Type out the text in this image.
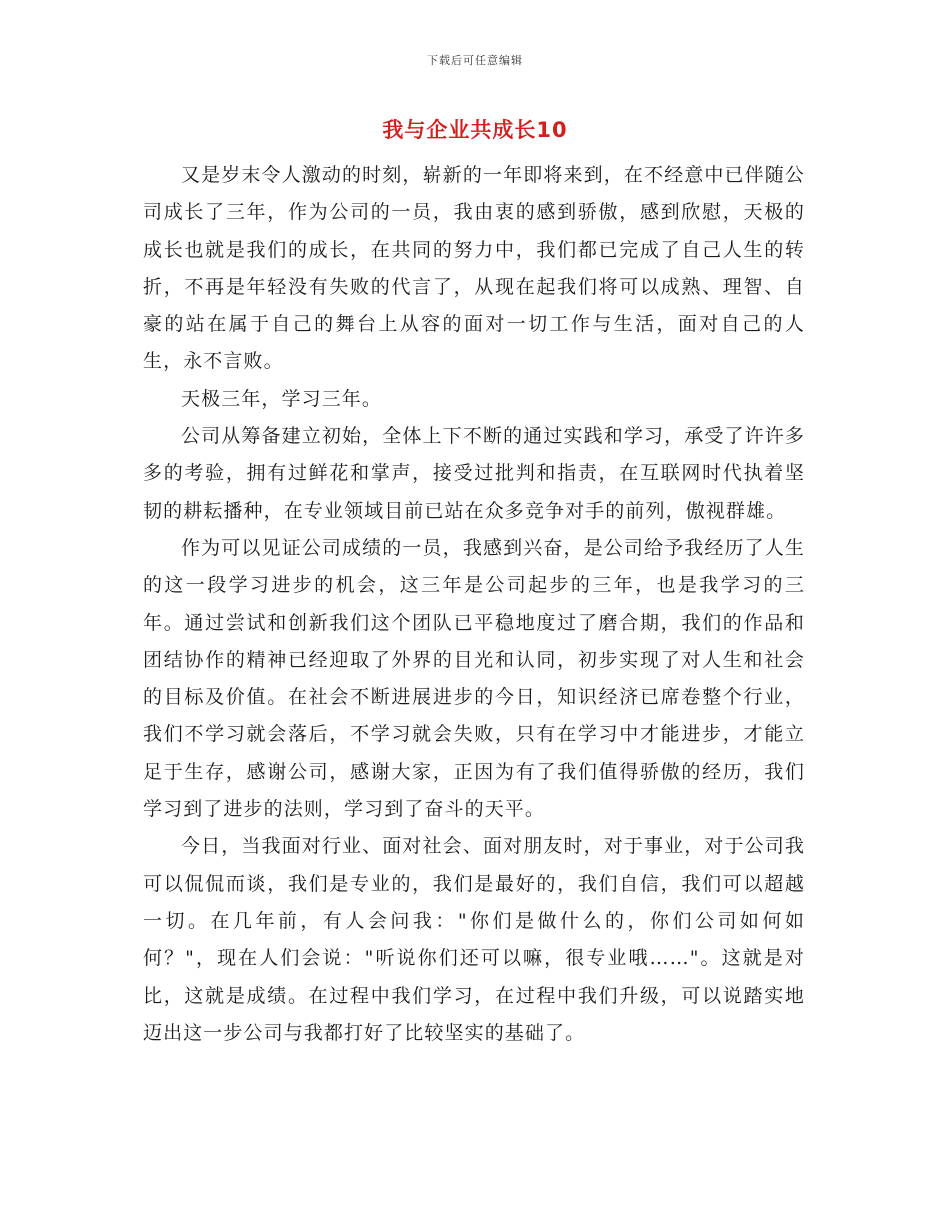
下载后可任意编辑
我与企业共成长10

又是岁末令人激动的时刻，崭新的一年即将来到，在不经意中已伴随公司成长了三年，作为公司的一员，我由衷的感到骄傲，感到欣慰，天极的成长也就是我们的成长，在共同的努力中，我们都已完成了自己人生的转折，不再是年轻没有失败的代言了，从现在起我们将可以成熟、理智、自豪的站在属于自己的舞台上从容的面对一切工作与生活，面对自己的人生，永不言败。

天极三年，学习三年。

公司从筹备建立初始，全体上下不断的通过实践和学习，承受了许许多多的考验，拥有过鲜花和掌声，接受过批判和指责，在互联网时代执着坚韧的耕耘播种，在专业领域目前已站在众多竞争对手的前列，傲视群雄。

作为可以见证公司成绩的一员，我感到兴奋，是公司给予我经历了人生的这一段学习进步的机会，这三年是公司起步的三年，也是我学习的三年。通过尝试和创新我们这个团队已平稳地度过了磨合期，我们的作品和团结协作的精神已经迎取了外界的目光和认同，初步实现了对人生和社会的目标及价值。在社会不断进展进步的今日，知识经济已席卷整个行业，我们不学习就会落后，不学习就会失败，只有在学习中才能进步，才能立足于生存，感谢公司，感谢大家，正因为有了我们值得骄傲的经历，我们学习到了进步的法则，学习到了奋斗的天平。

今日，当我面对行业、面对社会、面对朋友时，对于事业，对于公司我可以侃侃而谈，我们是专业的，我们是最好的，我们自信，我们可以超越一切。在几年前，有人会问我："你们是做什么的，你们公司如何如何？"，现在人们会说："听说你们还可以嘛，很专业哦……"。这就是对比，这就是成绩。在过程中我们学习，在过程中我们升级，可以说踏实地迈出这一步公司与我都打好了比较坚实的基础了。
